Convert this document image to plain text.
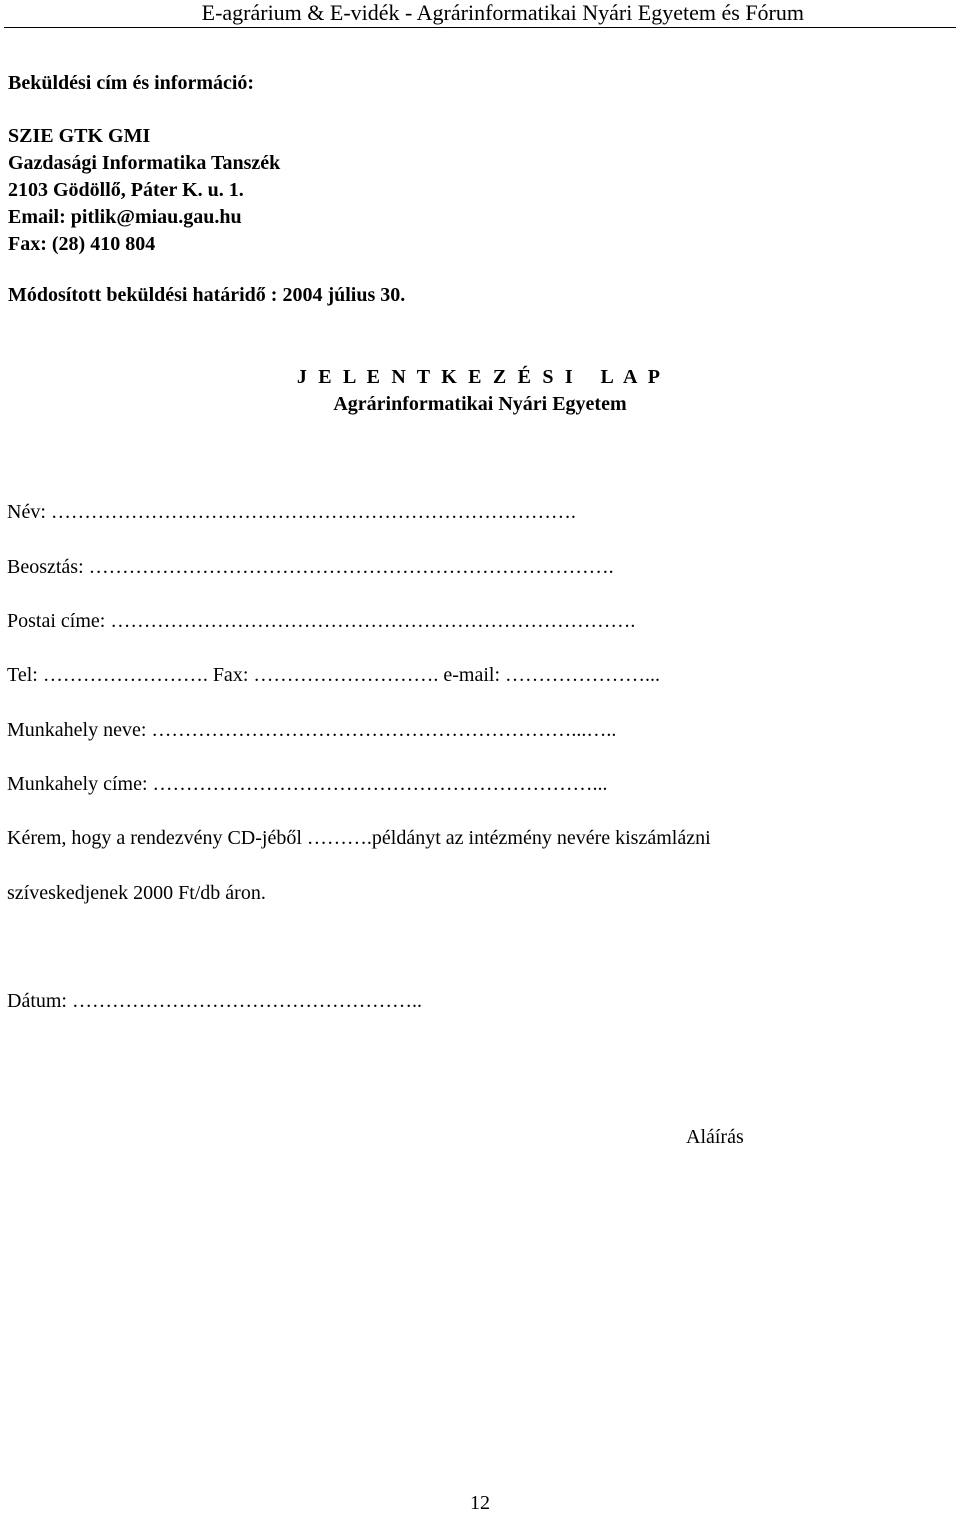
E-agrárium & E-vidék - Agrárinformatikai Nyári Egyetem és Fórum
Beküldési cím és információ:
SZIE GTK GMI
Gazdasági Informatika Tanszék
2103 Gödöllő, Páter K. u. 1.
Email: pitlik@miau.gau.hu
Fax: (28) 410 804
Módosított beküldési határidő : 2004 július 30.
J E L E N T K E Z É S I   L A P
Agrárinformatikai Nyári Egyetem
Név: …………………………………………………………………….
Beosztás: …………………………………………………………………….
Postai címe: …………………………………………………………………….
Tel: ……………………. Fax: ………………………. e-mail: …………………...
Munkahely neve: ………………………………………………………...…..
Munkahely címe: …………………………………………………………...
Kérem, hogy a rendezvény CD-jéből ……….példányt az intézmény nevére kiszámlázni
szíveskedjenek 2000 Ft/db áron.
Dátum: ……………………………………………..
Aláírás
12
